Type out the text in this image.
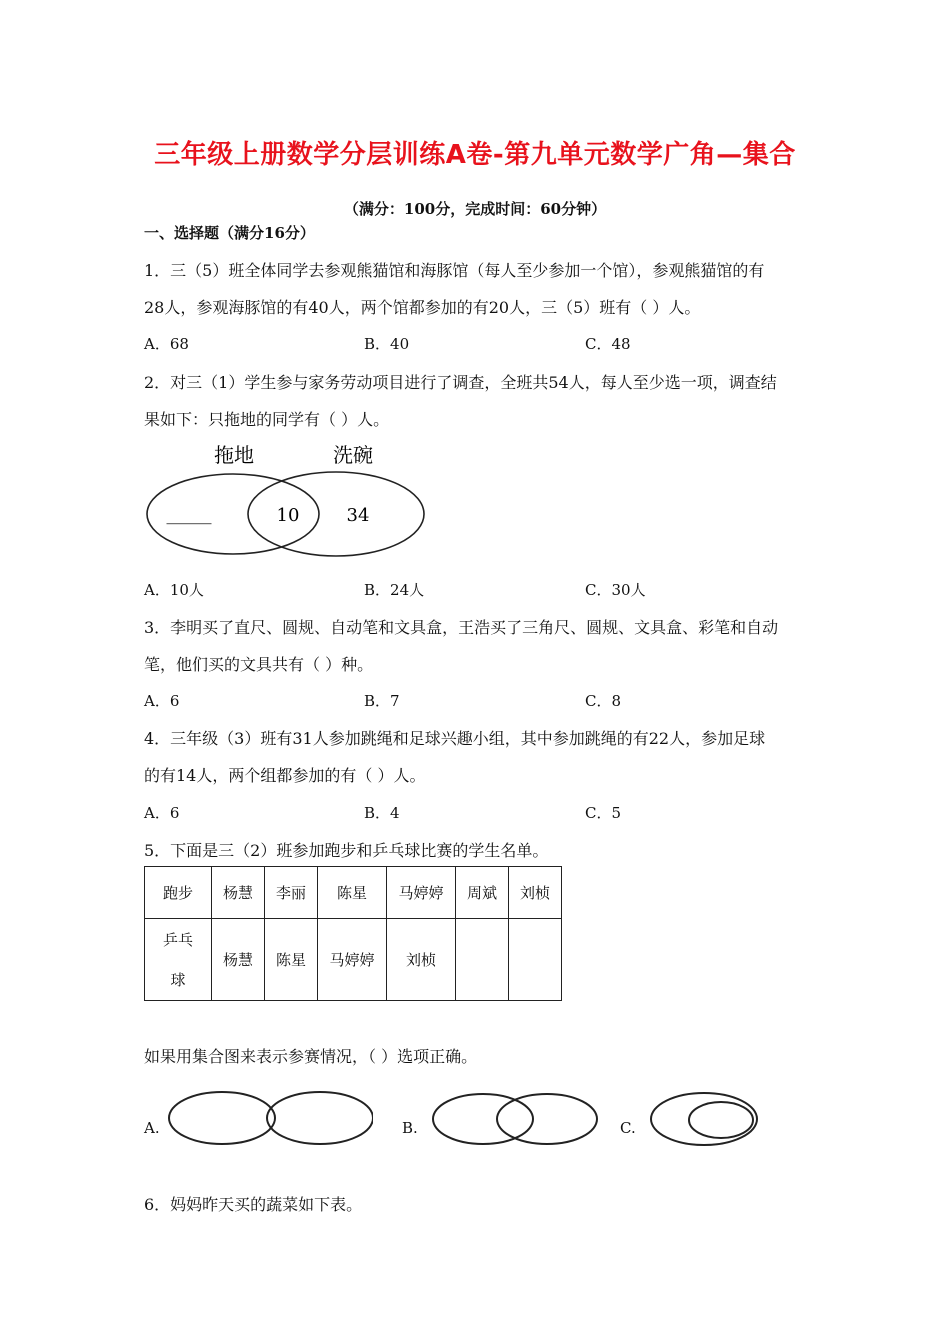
三年级上册数学分层训练A卷-第九单元数学广角—集合
（满分：100分，完成时间：60分钟）
一、选择题（满分16分）
1．三（5）班全体同学去参观熊猫馆和海豚馆（每人至少参加一个馆），参观熊猫馆的有
28人，参观海豚馆的有40人，两个馆都参加的有20人，三（5）班有（ ）人。
A．68	B．40	C．48
2．对三（1）学生参与家务劳动项目进行了调查，全班共54人，每人至少选一项，调查结
果如下：只拖地的同学有（ ）人。
拖地	洗碗
_____	10	34
A．10人	B．24人	C．30人
3．李明买了直尺、圆规、自动笔和文具盒，王浩买了三角尺、圆规、文具盒、彩笔和自动
笔，他们买的文具共有（ ）种。
A．6	B．7	C．8
4．三年级（3）班有31人参加跳绳和足球兴趣小组，其中参加跳绳的有22人，参加足球
的有14人，两个组都参加的有（ ）人。
A．6	B．4	C．5
5．下面是三（2）班参加跑步和乒乓球比赛的学生名单。
跑步	杨慧	李丽	陈星	马婷婷	周斌	刘桢

乒乓球	杨慧	陈星	马婷婷	刘桢		
如果用集合图来表示参赛情况，（ ）选项正确。
A.	B.	C.
6．妈妈昨天买的蔬菜如下表。
